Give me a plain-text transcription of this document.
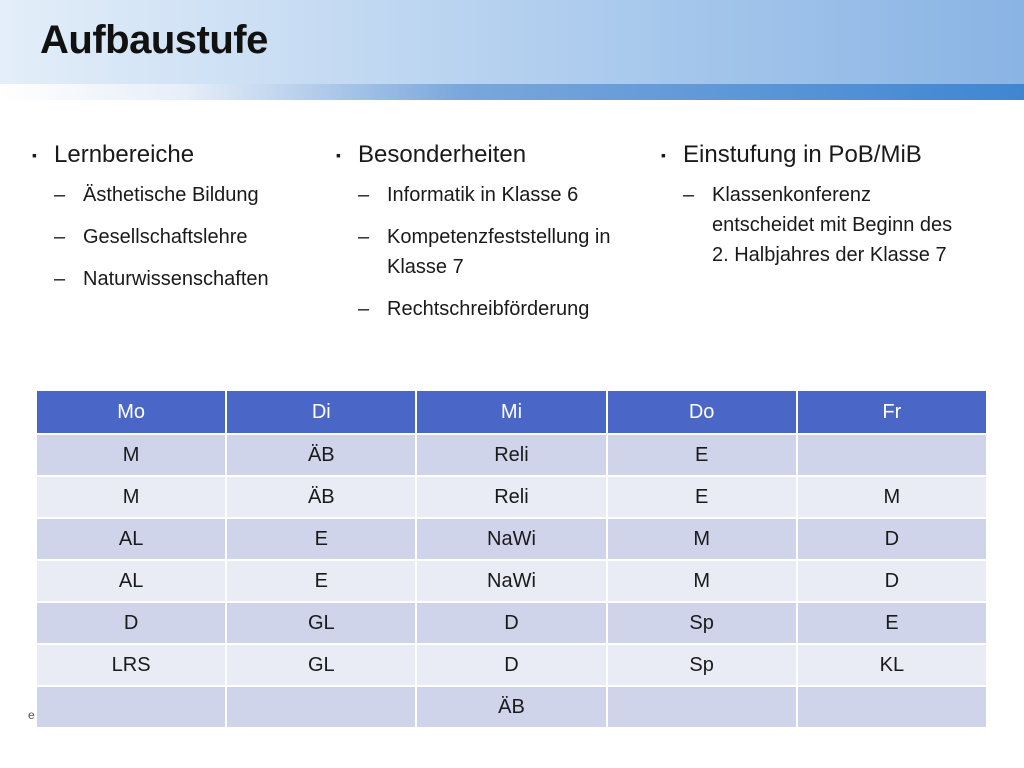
Aufbaustufe
▪ Lernbereiche
– Ästhetische Bildung
– Gesellschaftslehre
– Naturwissenschaften
▪ Besonderheiten
– Informatik in Klasse 6
– Kompetenzfeststellung in Klasse 7
– Rechtschreibförderung
▪ Einstufung in PoB/MiB
– Klassenkonferenz entscheidet mit Beginn des 2. Halbjahres der Klasse 7
e
Mo	Di	Mi	Do	Fr
M	ÄB	Reli	E	
M	ÄB	Reli	E	M
AL	E	NaWi	M	D
AL	E	NaWi	M	D
D	GL	D	Sp	E
LRS	GL	D	Sp	KL
		ÄB		
